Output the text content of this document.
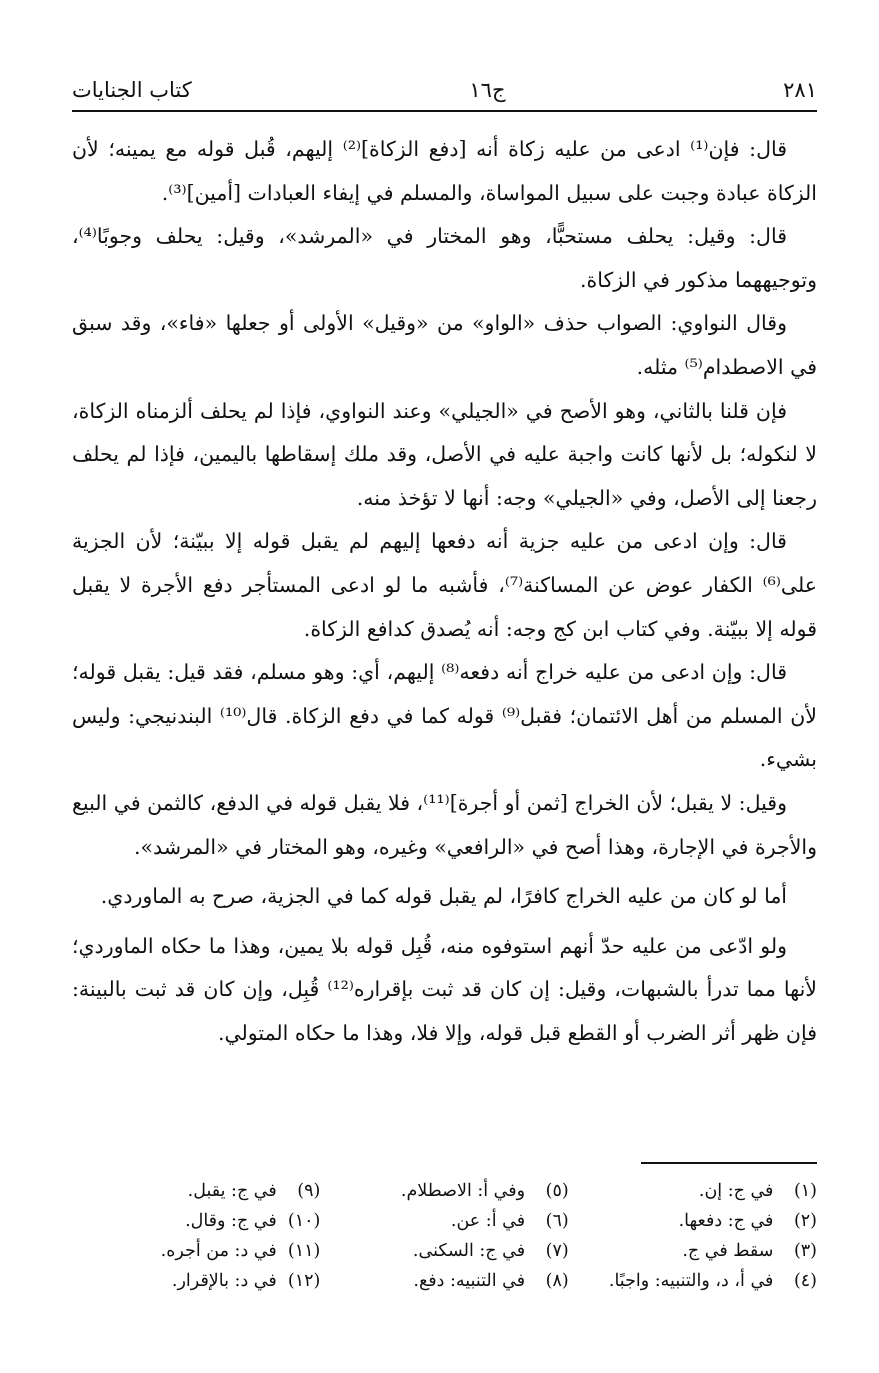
٢٨١
ج١٦
كتاب الجنايات

قال: فإن⁽¹⁾ ادعى من عليه زكاة أنه [دفع الزكاة]⁽²⁾ إليهم، قُبل قوله مع يمينه؛ لأن الزكاة عبادة وجبت على سبيل المواساة، والمسلم في إيفاء العبادات [أمين]⁽³⁾.

قال: وقيل: يحلف مستحبًّا، وهو المختار في «المرشد»، وقيل: يحلف وجوبًا⁽⁴⁾، وتوجيههما مذكور في الزكاة.

وقال النواوي: الصواب حذف «الواو» من «وقيل» الأولى أو جعلها «فاء»، وقد سبق في الاصطدام⁽⁵⁾ مثله.

فإن قلنا بالثاني، وهو الأصح في «الجيلي» وعند النواوي، فإذا لم يحلف ألزمناه الزكاة، لا لنكوله؛ بل لأنها كانت واجبة عليه في الأصل، وقد ملك إسقاطها باليمين، فإذا لم يحلف رجعنا إلى الأصل، وفي «الجيلي» وجه: أنها لا تؤخذ منه.

قال: وإن ادعى من عليه جزية أنه دفعها إليهم لم يقبل قوله إلا ببيّنة؛ لأن الجزية على⁽⁶⁾ الكفار عوض عن المساكنة⁽⁷⁾، فأشبه ما لو ادعى المستأجر دفع الأجرة لا يقبل قوله إلا ببيّنة. وفي كتاب ابن كج وجه: أنه يُصدق كدافع الزكاة.

قال: وإن ادعى من عليه خراج أنه دفعه⁽⁸⁾ إليهم، أي: وهو مسلم، فقد قيل: يقبل قوله؛ لأن المسلم من أهل الائتمان؛ فقبل⁽⁹⁾ قوله كما في دفع الزكاة. قال⁽¹⁰⁾ البندنيجي: وليس بشيء.

وقيل: لا يقبل؛ لأن الخراج [ثمن أو أجرة]⁽¹¹⁾، فلا يقبل قوله في الدفع، كالثمن في البيع والأجرة في الإجارة، وهذا أصح في «الرافعي» وغيره، وهو المختار في «المرشد».

أما لو كان من عليه الخراج كافرًا، لم يقبل قوله كما في الجزية، صرح به الماوردي.

ولو ادّعى من عليه حدّ أنهم استوفوه منه، قُبِل قوله بلا يمين، وهذا ما حكاه الماوردي؛ لأنها مما تدرأ بالشبهات، وقيل: إن كان قد ثبت بإقراره⁽¹²⁾ قُبِل، وإن كان قد ثبت بالبينة: فإن ظهر أثر الضرب أو القطع قبل قوله، وإلا فلا، وهذا ما حكاه المتولي.

(١) في ج: إن.
(٢) في ج: دفعها.
(٣) سقط في ج.
(٤) في أ، د، والتنبيه: واجبًا.
(٥) وفي أ: الاصطلام.
(٦) في أ: عن.
(٧) في ج: السكنى.
(٨) في التنبيه: دفع.
(٩) في ج: يقبل.
(١٠) في ج: وقال.
(١١) في د: من أجره.
(١٢) في د: بالإقرار.
